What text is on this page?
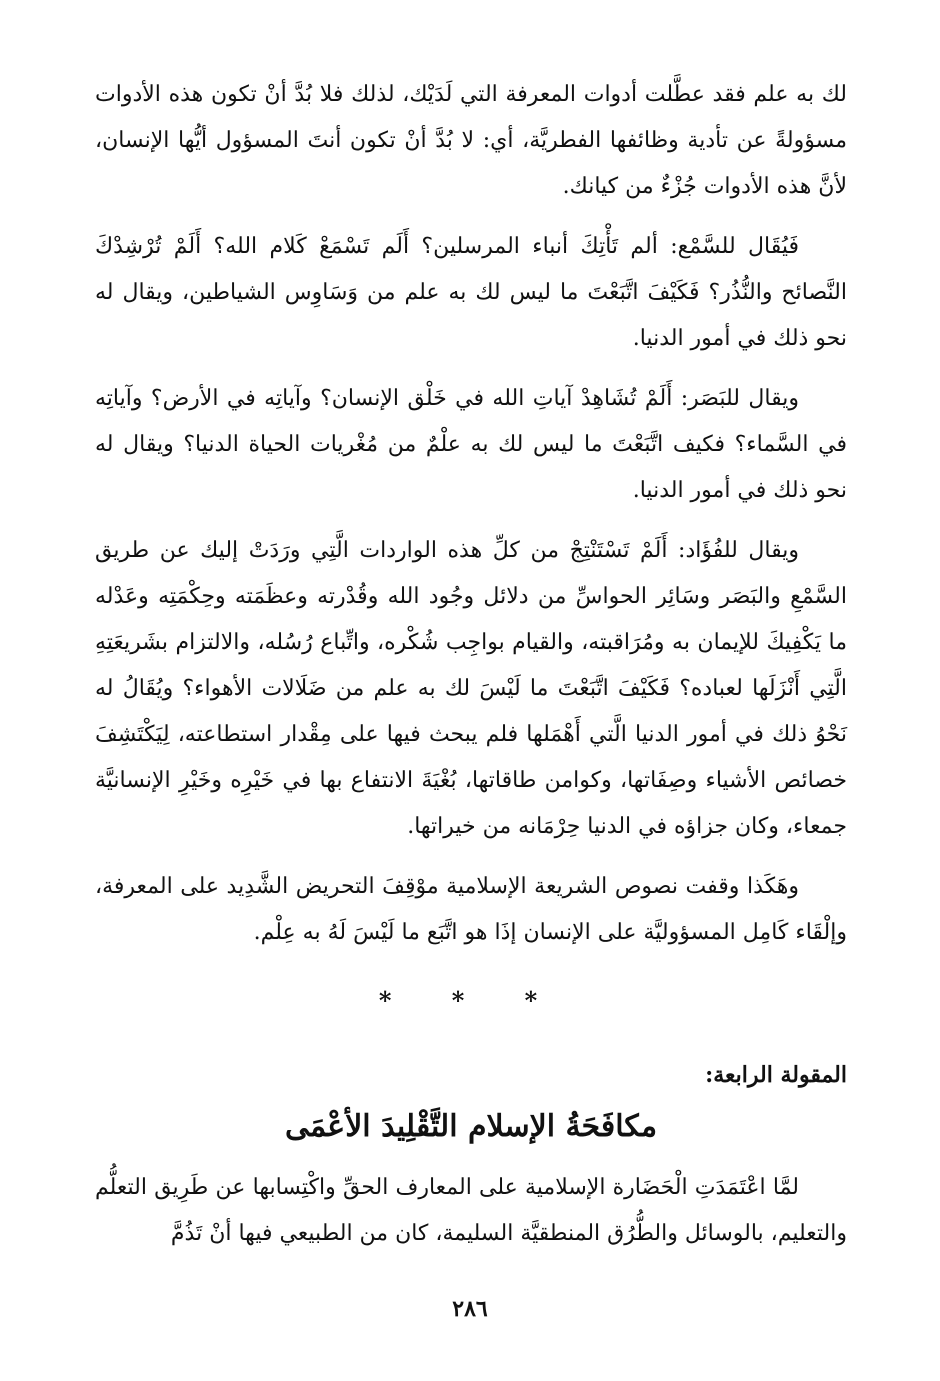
لك به علم فقد عطَّلت أدوات المعرفة التي لَدَيْك، لذلك فلا بُدَّ أنْ تكون هذه الأدوات مسؤولةً عن تأدية وظائفها الفطريَّة، أي: لا بُدَّ أنْ تكون أنتَ المسؤول أيُّها الإنسان، لأنَّ هذه الأدوات جُزْءٌ من كيانك.

فَيُقَال للسَّمْع: ألم تَأْتِكَ أنباء المرسلين؟ أَلَم تَسْمَعْ كَلام الله؟ أَلَمْ تُرْشِدْكَ النَّصائح والنُّذُر؟ فَكَيْفَ اتَّبَعْتَ ما ليس لك به علم من وَسَاوِس الشياطين، ويقال له نحو ذلك في أمور الدنيا.

ويقال للبَصَر: أَلَمْ تُشَاهِدْ آياتِ الله في خَلْق الإنسان؟ وآياتِه في الأرض؟ وآياتِه في السَّماء؟ فكيف اتَّبَعْتَ ما ليس لك به علْمٌ من مُغْريات الحياة الدنيا؟ ويقال له نحو ذلك في أمور الدنيا.

ويقال للفُؤَاد: أَلَمْ تَسْتَنْتِجْ من كلِّ هذه الواردات الَّتِي ورَدَتْ إليك عن طريق السَّمْعِ والبَصَر وسَائِر الحواسِّ من دلائل وجُود الله وقُدْرته وعظَمَته وحِكْمَتِه وعَدْله ما يَكْفِيكَ للإيمان به ومُرَاقبته، والقيام بواجِب شُكْره، واتِّباع رُسُله، والالتزام بشَريعَتِهِ الَّتِي أَنْزَلَها لعباده؟ فَكَيْفَ اتَّبَعْتَ ما لَيْسَ لك به علم من ضَلَالات الأهواء؟ ويُقَالُ له نَحْوُ ذلك في أمور الدنيا الَّتي أَهْمَلها فلم يبحث فيها على مِقْدار استطاعته، لِيَكْتَشِفَ خصائص الأشياء وصِفَاتها، وكوامن طاقاتها، بُغْيَةَ الانتفاع بها في خَيْرِه وخَيْرِ الإنسانيَّة جمعاء، وكان جزاؤه في الدنيا حِرْمَانه من خيراتها.

وهَكَذا وقفت نصوص الشريعة الإسلامية موْقِفَ التحريض الشَّدِيد على المعرفة، وإلْقَاء كَامِل المسؤوليَّة على الإنسان إذَا هو اتَّبَع ما لَيْسَ لَهُ به عِلْم.

* * *

المقولة الرابعة:

مكافَحَةُ الإسلام التَّقْلِيدَ الأعْمَى

لمَّا اعْتَمَدَتِ الْحَضَارة الإسلامية على المعارف الحقِّ واكْتِسابها عن طَرِيق التعلُّم والتعليم، بالوسائل والطُّرُق المنطقيَّة السليمة، كان من الطبيعي فيها أنْ تَذُمَّ

٢٨٦
